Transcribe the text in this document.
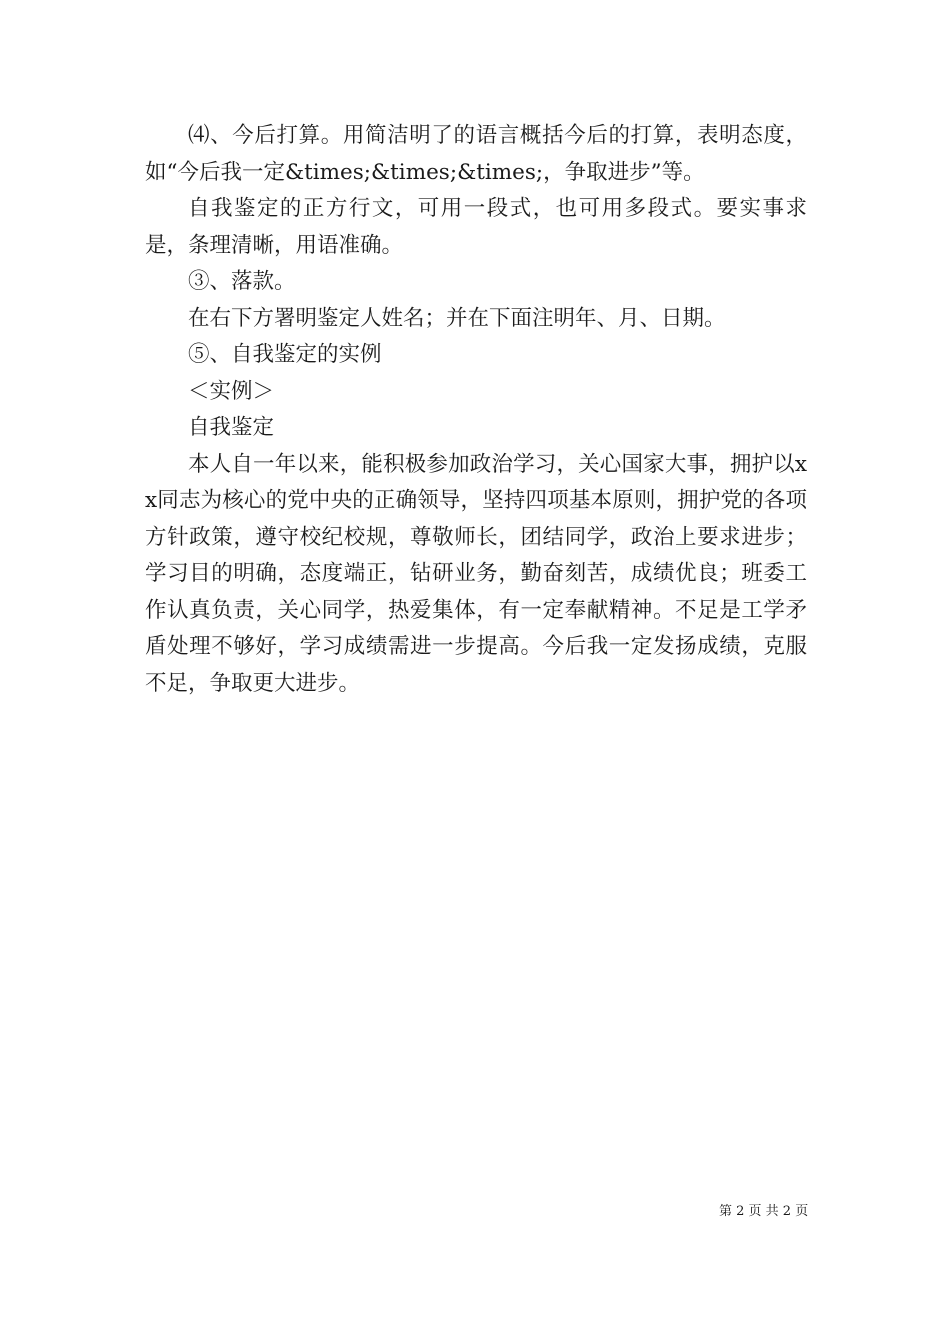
⑷、今后打算。用简洁明了的语言概括今后的打算，表明态度，如“今后我一定&times;&times;&times;，争取进步”等。

自我鉴定的正方行文，可用一段式，也可用多段式。要实事求是，条理清晰，用语准确。

③、落款。

在右下方署明鉴定人姓名；并在下面注明年、月、日期。

⑤、自我鉴定的实例

＜实例＞

自我鉴定

本人自一年以来，能积极参加政治学习，关心国家大事，拥护以xx同志为核心的党中央的正确领导，坚持四项基本原则，拥护党的各项方针政策，遵守校纪校规，尊敬师长，团结同学，政治上要求进步；学习目的明确，态度端正，钻研业务，勤奋刻苦，成绩优良；班委工作认真负责，关心同学，热爱集体，有一定奉献精神。不足是工学矛盾处理不够好，学习成绩需进一步提高。今后我一定发扬成绩，克服不足，争取更大进步。

第 2 页 共 2 页
